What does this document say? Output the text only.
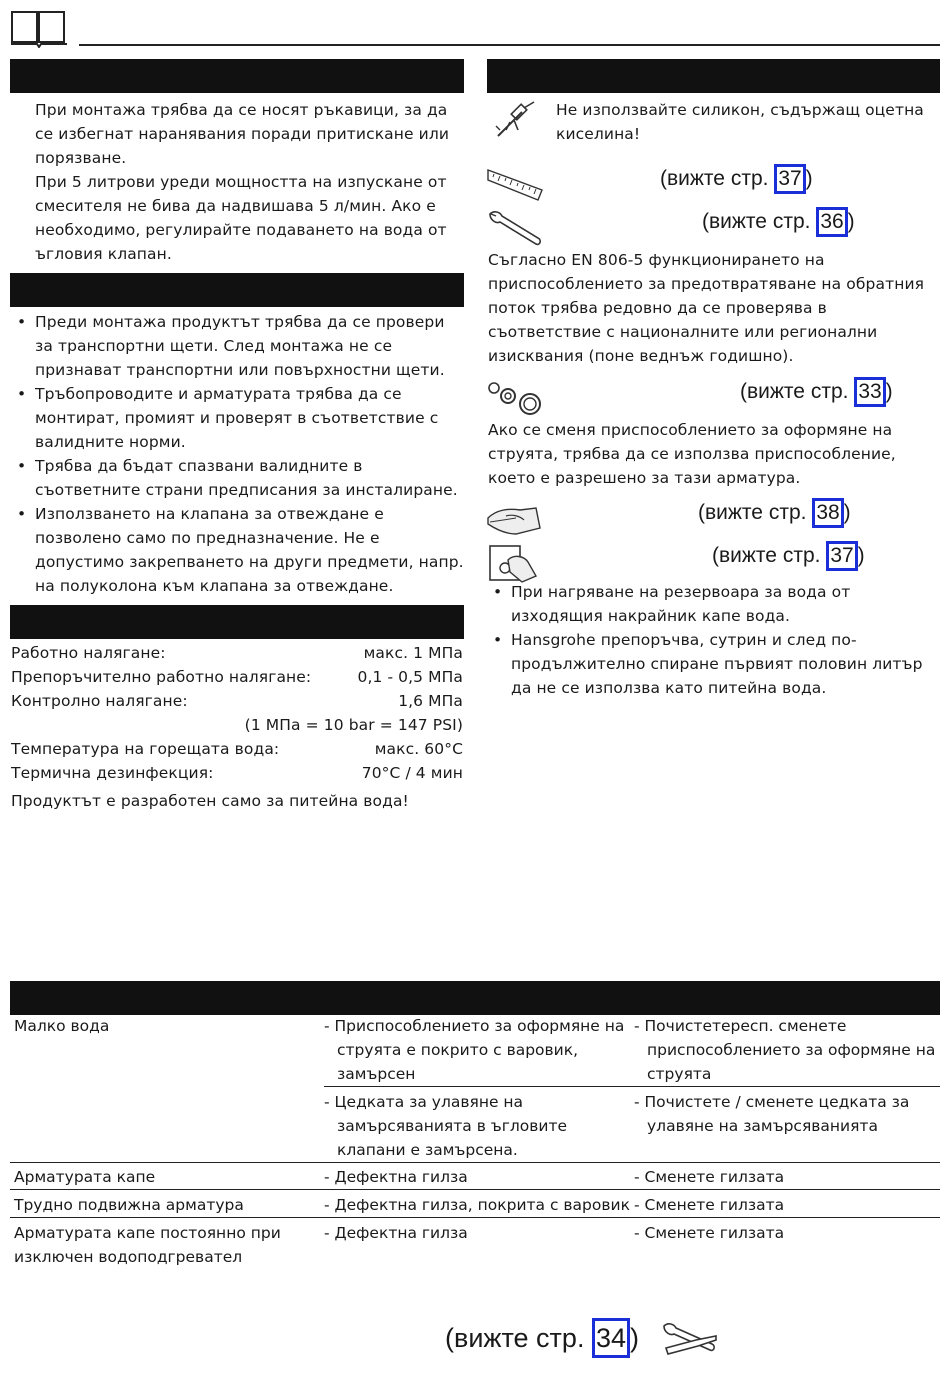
При монтажа трябва да се носят ръкавици, за да се избегнат наранявания поради притискане или порязване.

При 5 литрови уреди мощността на изпускане от смесителя не бива да надвишава 5 л/мин. Ако е необходимо, регулирайте подаването на вода от ъгловия клапан.

• Преди монтажа продуктът трябва да се провери за транспортни щети. След монтажа не се признават транспортни или повърхностни щети.
• Тръбопроводите и арматурата трябва да се монтират, промият и проверят в съответствие с валидните норми.
• Трябва да бъдат спазвани валидните в съответните страни предписания за инсталиране.
• Използването на клапана за отвеждане е позволено само по предназначение. Не е допустимо закрепването на други предмети, напр. на полуколона към клапана за отвеждане.
Работно налягане:	макс. 1 МПа
Препоръчително работно налягане:	0,1 - 0,5 МПа
Контролно налягане:	1,6 МПа
(1 МПа = 10 bar = 147 PSI)
Температура на горещата вода:	макс. 60°C
Термична дезинфекция:	70°C / 4 мин

Продуктът е разработен само за питейна вода!

Не използвайте силикон, съдържащ оцетна киселина!

(вижте стр. 37 )
(вижте стр. 36 )

Съгласно EN 806-5 функционирането на приспособлението за предотвратяване на обратния поток трябва редовно да се проверява в съответствие с националните или регионални изисквания (поне веднъж годишно).

(вижте стр. 33 )

Ако се сменя приспособлението за оформяне на струята, трябва да се използва приспособление, което е разрешено за тази арматура.

(вижте стр. 38 )
(вижте стр. 37 )
• При нагряване на резервоара за вода от изходящия накрайник капе вода.
• Hansgrohe препоръчва, сутрин и след по-продължително спиране първият половин литър да не се използва като питейна вода.
Малко вода	- Приспособлението за оформяне на струята е покрито с варовик, замърсен	- Почистетересп. сменете приспособлението за оформяне на струята

	- Цедката за улавяне на замърсяванията в ъгловите клапани е замърсена.	- Почистете / сменете цедката за улавяне на замърсяванията

Арматурата капе	- Дефектна гилза	- Сменете гилзата

Трудно подвижна арматура	- Дефектна гилза, покрита с варовик	- Сменете гилзата

Арматурата капе постоянно при изключен водоподгревател	- Дефектна гилза	- Сменете гилзата
(вижте стр. 34 )
